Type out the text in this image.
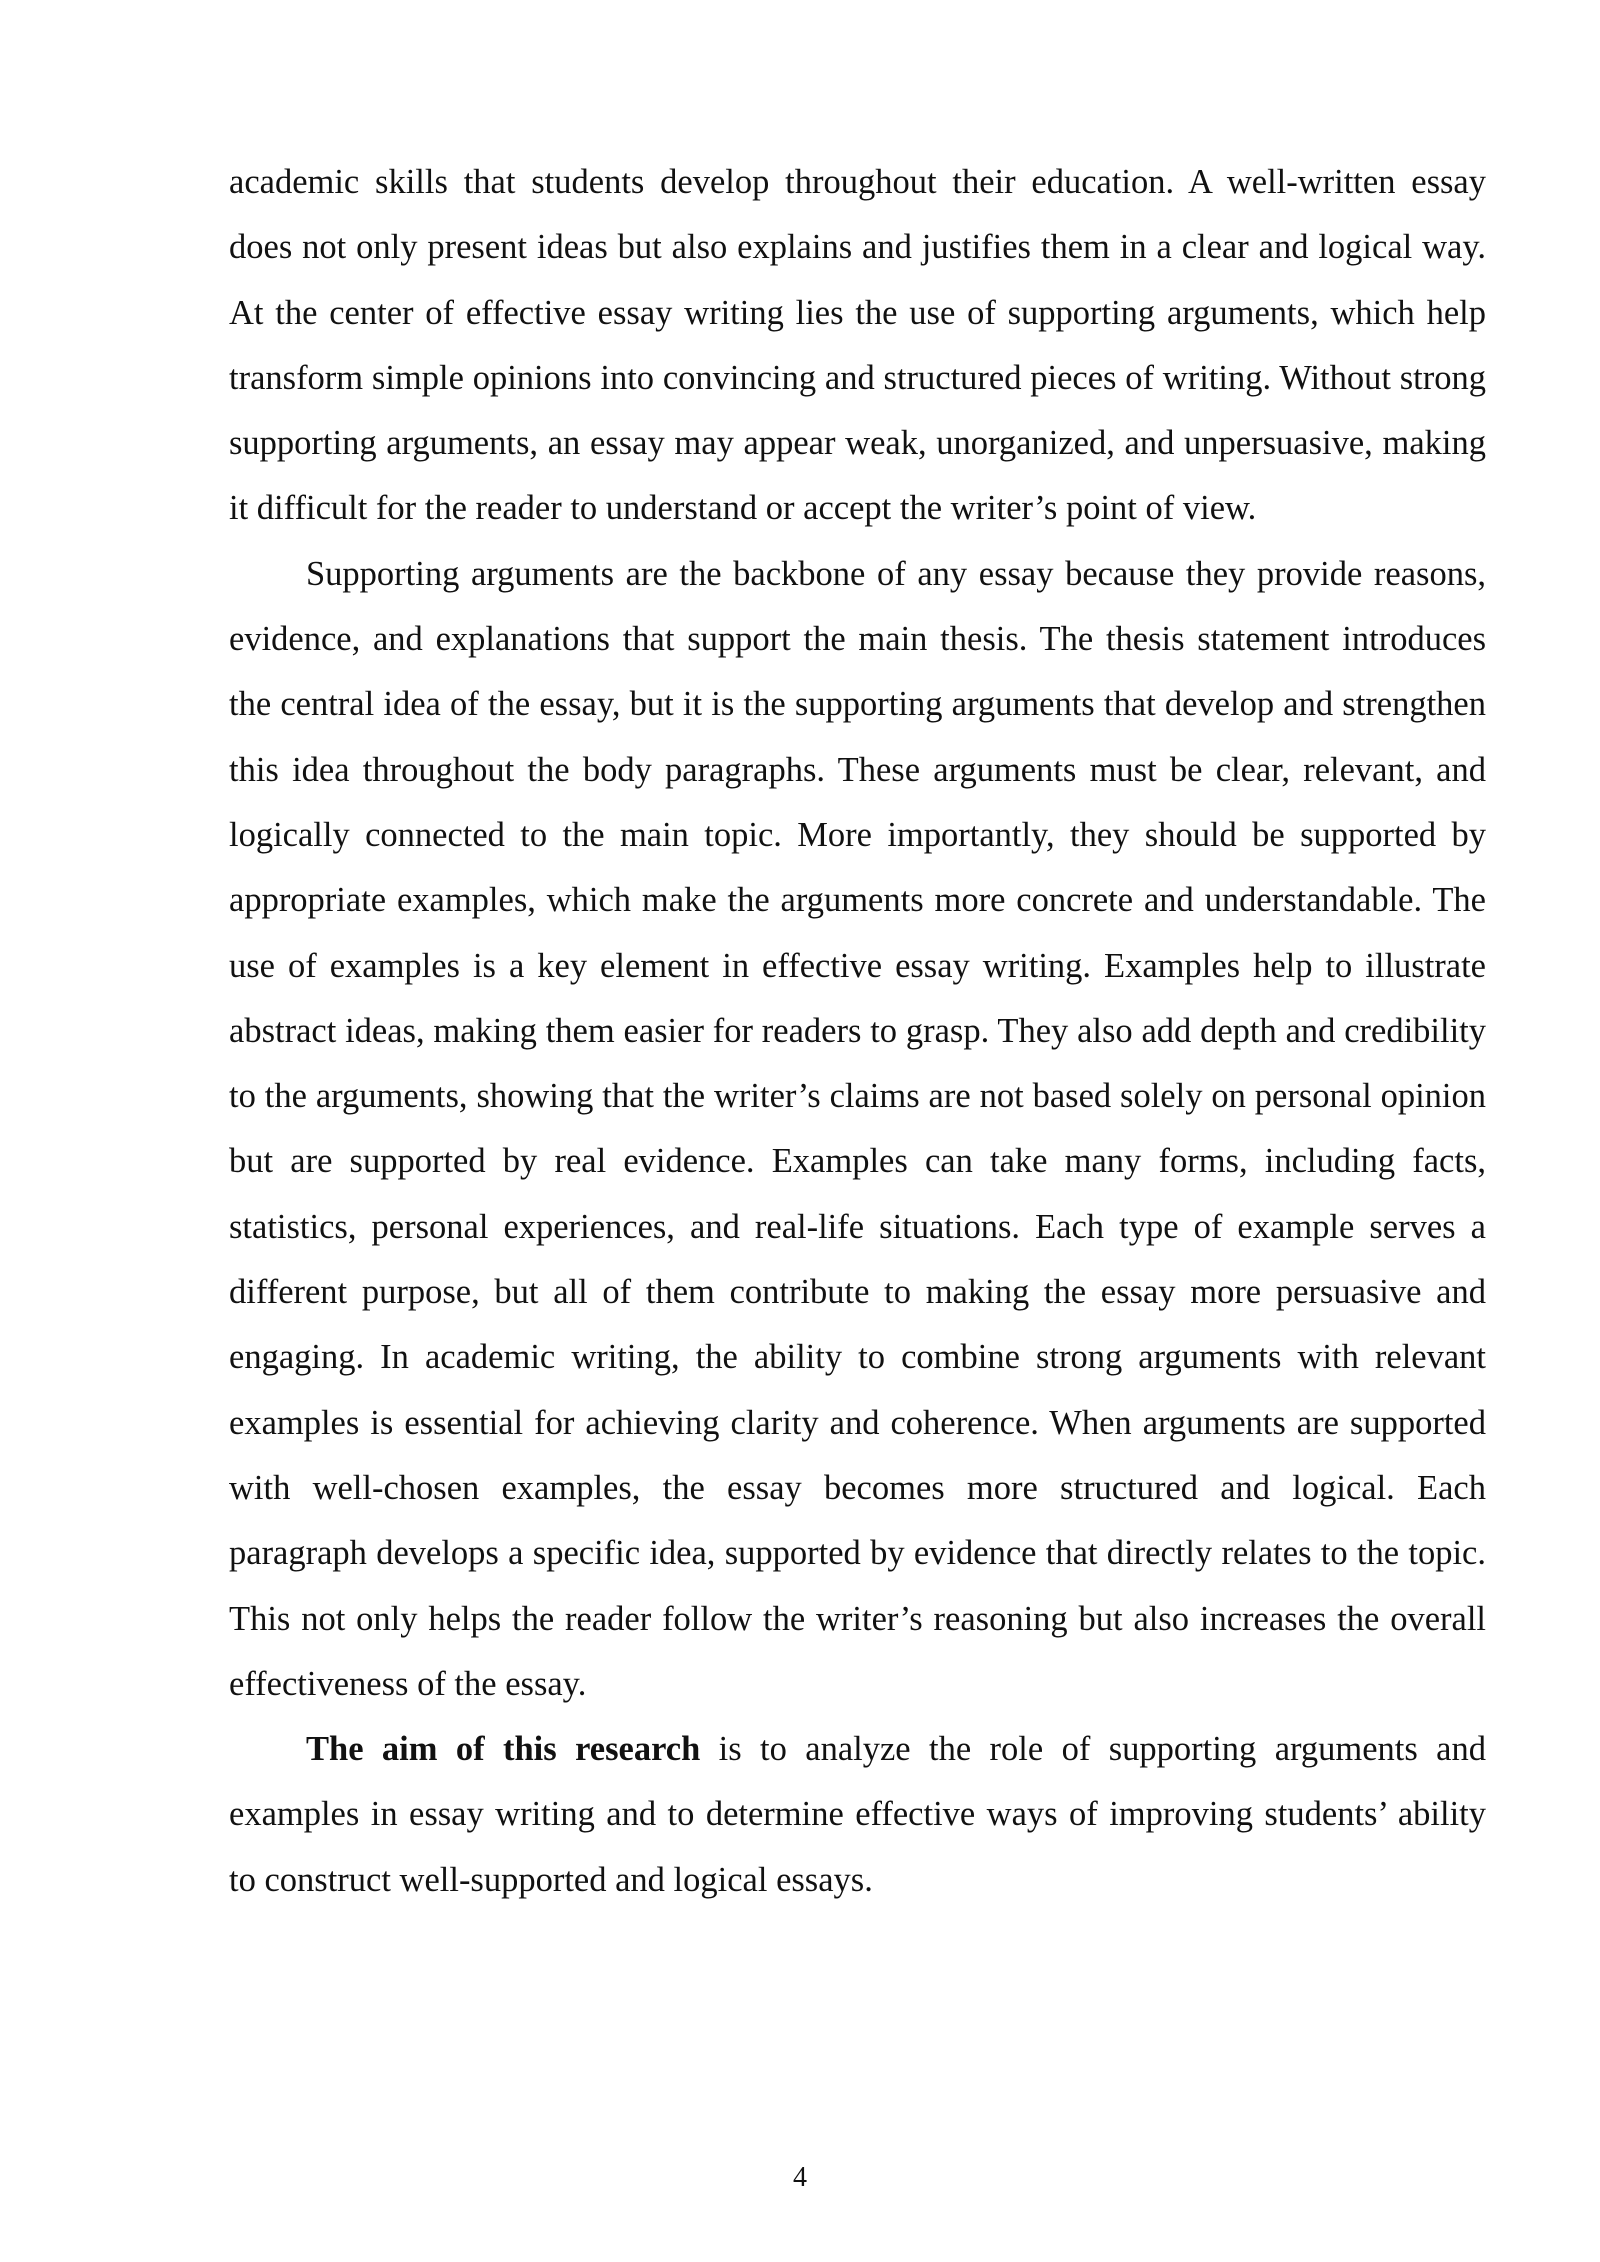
academic skills that students develop throughout their education. A well-written essay does not only present ideas but also explains and justifies them in a clear and logical way. At the center of effective essay writing lies the use of supporting arguments, which help transform simple opinions into convincing and structured pieces of writing. Without strong supporting arguments, an essay may appear weak, unorganized, and unpersuasive, making it difficult for the reader to understand or accept the writer’s point of view.

Supporting arguments are the backbone of any essay because they provide reasons, evidence, and explanations that support the main thesis. The thesis statement introduces the central idea of the essay, but it is the supporting arguments that develop and strengthen this idea throughout the body paragraphs. These arguments must be clear, relevant, and logically connected to the main topic. More importantly, they should be supported by appropriate examples, which make the arguments more concrete and understandable. The use of examples is a key element in effective essay writing. Examples help to illustrate abstract ideas, making them easier for readers to grasp. They also add depth and credibility to the arguments, showing that the writer’s claims are not based solely on personal opinion but are supported by real evidence. Examples can take many forms, including facts, statistics, personal experiences, and real-life situations. Each type of example serves a different purpose, but all of them contribute to making the essay more persuasive and engaging. In academic writing, the ability to combine strong arguments with relevant examples is essential for achieving clarity and coherence. When arguments are supported with well-chosen examples, the essay becomes more structured and logical. Each paragraph develops a specific idea, supported by evidence that directly relates to the topic. This not only helps the reader follow the writer’s reasoning but also increases the overall effectiveness of the essay.

The aim of this research is to analyze the role of supporting arguments and examples in essay writing and to determine effective ways of improving students’ ability to construct well-supported and logical essays.

4
